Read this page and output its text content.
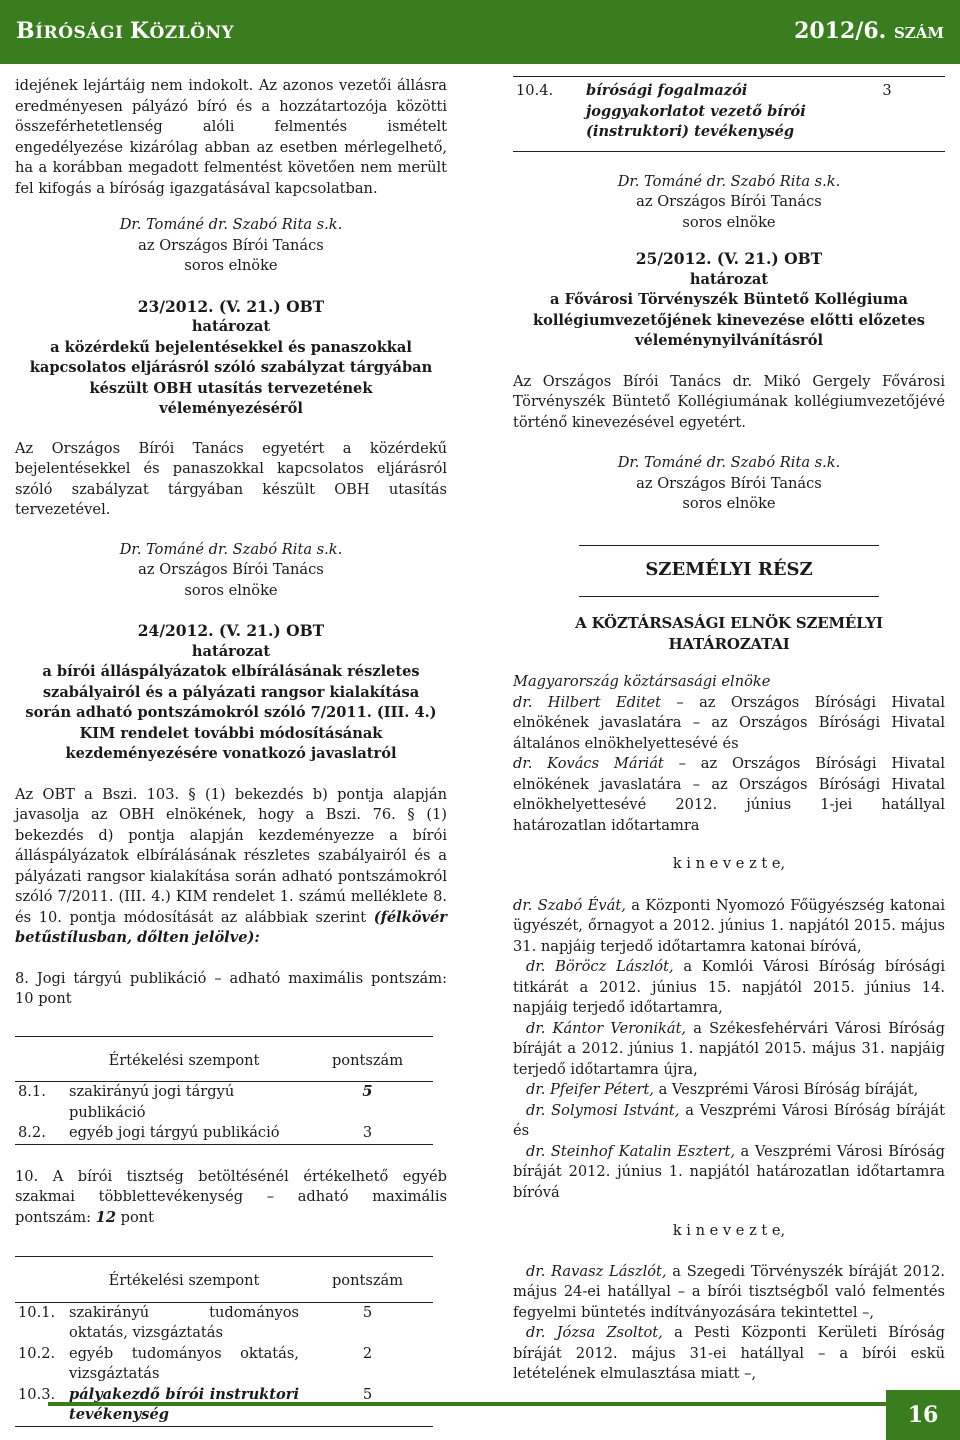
BÍRÓSÁGI KÖZLÖNY	2012/6. SZÁM

idejének lejártáig nem indokolt. Az azonos vezetői állásra eredményesen pályázó bíró és a hozzátartozója közötti összeférhetetlenség alóli felmentés ismételt engedélyezése kizárólag abban az esetben mérlegelhető, ha a korábban megadott felmentést követően nem merült fel kifogás a bíróság igazgatásával kapcsolatban.

Dr. Tománé dr. Szabó Rita s.k.
az Országos Bírói Tanács
soros elnöke
23/2012. (V. 21.) OBT
határozat
a közérdekű bejelentésekkel és panaszokkal kapcsolatos eljárásról szóló szabályzat tárgyában készült OBH utasítás tervezetének véleményezéséről

Az Országos Bírói Tanács egyetért a közérdekű bejelentésekkel és panaszokkal kapcsolatos eljárásról szóló szabályzat tárgyában készült OBH utasítás tervezetével.

Dr. Tománé dr. Szabó Rita s.k.
az Országos Bírói Tanács
soros elnöke
24/2012. (V. 21.) OBT
határozat
a bírói álláspályázatok elbírálásának részletes szabályairól és a pályázati rangsor kialakítása során adható pontszámokról szóló 7/2011. (III. 4.) KIM rendelet további módosításának kezdeményezésére vonatkozó javaslatról

Az OBT a Bszi. 103. § (1) bekezdés b) pontja alapján javasolja az OBH elnökének, hogy a Bszi. 76. § (1) bekezdés d) pontja alapján kezdeményezze a bírói álláspályázatok elbírálásának részletes szabályairól és a pályázati rangsor kialakítása során adható pontszámokról szóló 7/2011. (III. 4.) KIM rendelet 1. számú melléklete 8. és 10. pontja módosítását az alábbiak szerint (félkövér betűstílusban, dőlten jelölve):

8. Jogi tárgyú publikáció – adható maximális pontszám: 10 pont

	Értékelési szempont	pontszám
8.1.	szakirányú jogi tárgyú publikáció	5
8.2.	egyéb jogi tárgyú publikáció	3

10. A bírói tisztség betöltésénél értékelhető egyéb szakmai többlettevékenység – adható maximális pontszám: 12 pont

	Értékelési szempont	pontszám
10.1.	szakirányú tudományos oktatás, vizsgáztatás	5
10.2.	egyéb tudományos oktatás, vizsgáztatás	2
10.3.	pályakezdő bírói instruktori tevékenység	5
10.4.	bírósági fogalmazói joggyakorlatot vezető bírói (instruktori) tevékenység	3
Dr. Tománé dr. Szabó Rita s.k.
az Országos Bírói Tanács
soros elnöke
25/2012. (V. 21.) OBT
határozat
a Fővárosi Törvényszék Büntető Kollégiuma kollégiumvezetőjének kinevezése előtti előzetes véleménynyilvánításról

Az Országos Bírói Tanács dr. Mikó Gergely Fővárosi Törvényszék Büntető Kollégiumának kollégiumvezetőjévé történő kinevezésével egyetért.

Dr. Tománé dr. Szabó Rita s.k.
az Országos Bírói Tanács
soros elnöke
SZEMÉLYI RÉSZ
A KÖZTÁRSASÁGI ELNÖK SZEMÉLYI HATÁROZATAI

Magyarország köztársasági elnöke

dr. Hilbert Editet – az Országos Bírósági Hivatal elnökének javaslatára – az Országos Bírósági Hivatal általános elnökhelyettesévé és

dr. Kovács Máriát – az Országos Bírósági Hivatal elnökének javaslatára – az Országos Bírósági Hivatal elnökhelyettesévé 2012. június 1-jei hatállyal határozatlan időtartamra

k i n e v e z t e,

dr. Szabó Évát, a Központi Nyomozó Főügyészség katonai ügyészét, őrnagyot a 2012. június 1. napjától 2015. május 31. napjáig terjedő időtartamra katonai bíróvá,

dr. Böröcz Lászlót, a Komlói Városi Bíróság bírósági titkárát a 2012. június 15. napjától 2015. június 14. napjáig terjedő időtartamra,

dr. Kántor Veronikát, a Székesfehérvári Városi Bíróság bíráját a 2012. június 1. napjától 2015. május 31. napjáig terjedő időtartamra újra,

dr. Pfeifer Pétert, a Veszprémi Városi Bíróság bíráját,

dr. Solymosi Istvánt, a Veszprémi Városi Bíróság bíráját és

dr. Steinhof Katalin Esztert, a Veszprémi Városi Bíróság bíráját 2012. június 1. napjától határozatlan időtartamra bíróvá

k i n e v e z t e,

dr. Ravasz Lászlót, a Szegedi Törvényszék bíráját 2012. május 24-ei hatállyal – a bírói tisztségből való felmentés fegyelmi büntetés indítványozására tekintettel –,

dr. Józsa Zsoltot, a Pesti Központi Kerületi Bíróság bíráját 2012. május 31-ei hatállyal – a bírói eskü letételének elmulasztása miatt –,

16
